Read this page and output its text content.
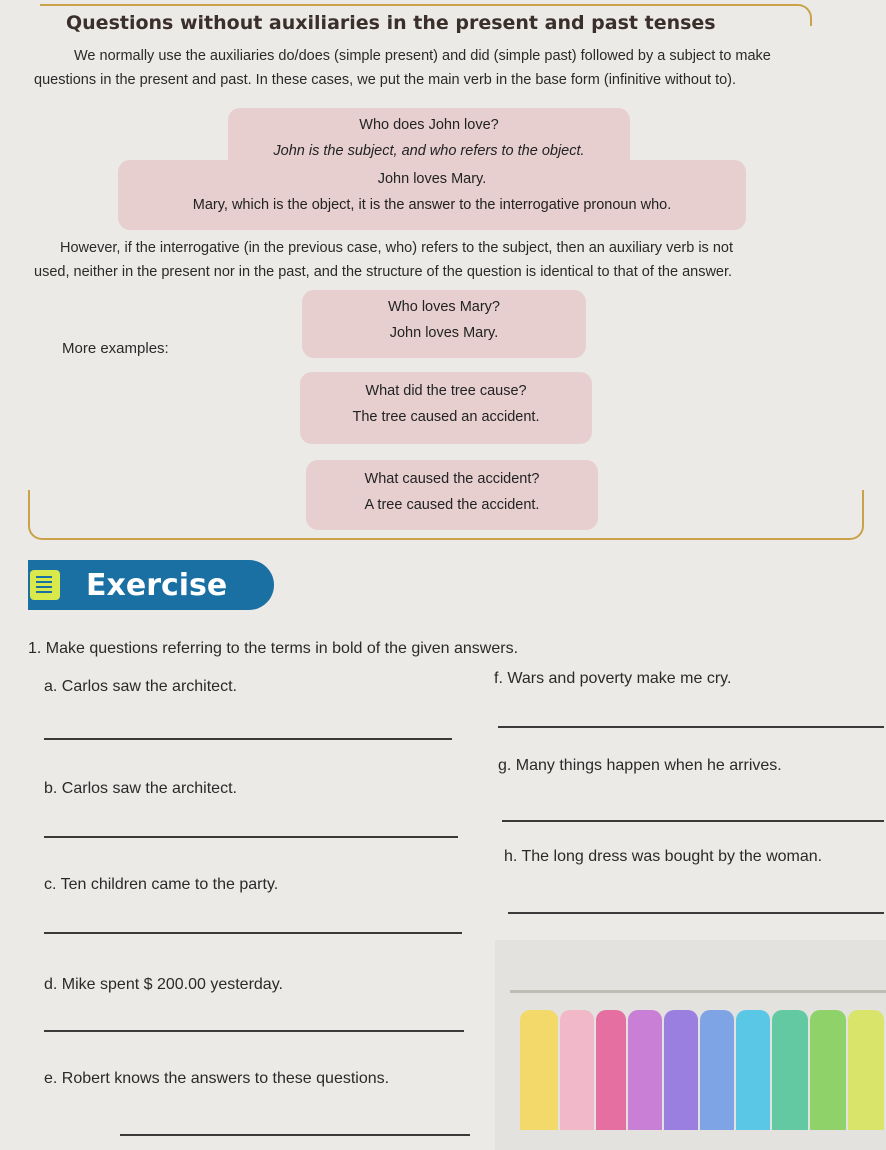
Questions without auxiliaries in the present and past tenses
We normally use the auxiliaries do/does (simple present) and did (simple past) followed by a subject to make
questions in the present and past. In these cases, we put the main verb in the base form (infinitive without to).
Who does John love?
John is the subject, and who refers to the object.
John loves Mary.
Mary, which is the object, it is the answer to the interrogative pronoun who.
However, if the interrogative (in the previous case, who) refers to the subject, then an auxiliary verb is not
used, neither in the present nor in the past, and the structure of the question is identical to that of the answer.
Who loves Mary?
John loves Mary.
More examples:
What did the tree cause?
The tree caused an accident.
What caused the accident?
A tree caused the accident.
Exercise
1. Make questions referring to the terms in bold of the given answers.
a. Carlos saw the architect.	f. Wars and poverty make me cry.
b. Carlos saw the architect.
g. Many things happen when he arrives.
c. Ten children came to the party.
h. The long dress was bought by the woman.
d. Mike spent $ 200.00 yesterday.
e. Robert knows the answers to these questions.
